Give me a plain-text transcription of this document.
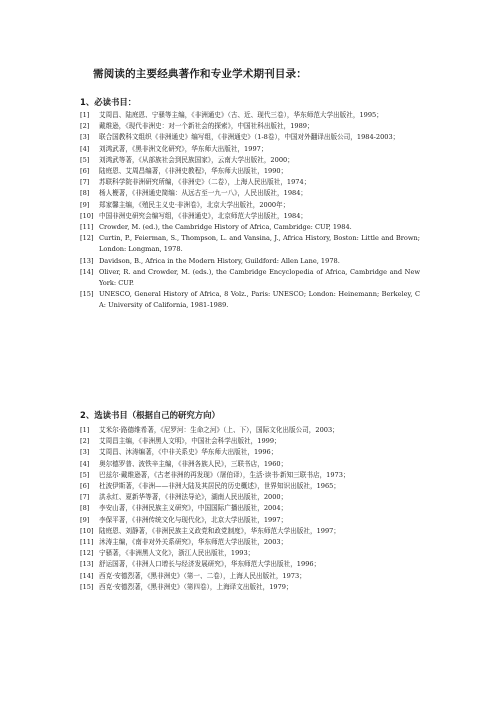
需阅读的主要经典著作和专业学术期刊目录：
1、必读书目：
[1] 艾周昌、陆庭恩、宁骚等主编，《非洲通史》（古、近、现代三卷），华东师范大学出版社，1995；
[2] 戴维逊，《现代非洲史：对一个新社会的探索》，中国社科出版社，1989；
[3] 联合国教科文组织《非洲通史》编写组，《非洲通史》（1-8卷），中国对外翻译出版公司，1984-2003；
[4] 刘鸿武著，《黑非洲文化研究》，华东师大出版社，1997；
[5] 刘鸿武等著，《从部族社会到民族国家》，云南大学出版社，2000；
[6] 陆庭恩、艾周昌编著，《非洲史教程》，华东师大出版社，1990；
[7] 苏联科学院非洲研究所编，《非洲史》（二卷），上海人民出版社，1974；
[8] 杨人楩著，《非洲通史简编：从远古至一九一八》，人民出版社，1984；
[9] 郑家馨主编，《殖民主义史·非洲卷》，北京大学出版社，2000年；
[10] 中国非洲史研究会编写组，《非洲通史》，北京师范大学出版社，1984；
[11] Crowder, M. (ed.), the Cambridge History of Africa, Cambridge: CUP, 1984.
[12] Curtin, P., Feierman, S., Thompson, L. and Vansina, J., Africa History, Boston: Little and Brown; London: Longman, 1978.
[13] Davidson, B., Africa in the Modern History, Guildford: Allen Lane, 1978.
[14] Oliver, R. and Crowder, M. (eds.), the Cambridge Encyclopedia of Africa, Cambridge and New York: CUP.
[15] UNESCO, General History of Africa, 8 Volz., Paris: UNESCO; London: Heinemann; Berkeley, C A: University of California, 1981-1989.
2、选读书目（根据自己的研究方向）
[1] 艾米尔·路德维希著，《尼罗河：生命之河》（上、下），国际文化出版公司，2003；
[2] 艾周昌主编，《非洲黑人文明》，中国社会科学出版社，1999；
[3] 艾周昌、沐涛编著，《中非关系史》华东师大出版社，1996；
[4] 奥尔德罗普、波铁辛主编，《非洲各族人民》，三联书店，1960；
[5] 巴兹尔·戴维逊著，《古老非洲的再发现》（屠伯译），生活·读书·新知三联书店，1973；
[6] 杜波伊斯著，《非洲——非洲大陆及其居民的历史概述》，世界知识出版社，1965；
[7] 洪永红、夏新华等著，《非洲法导论》，湖南人民出版社，2000；
[8] 李安山著，《非洲民族主义研究》，中国国际广播出版社，2004；
[9] 李保平著，《非洲传统文化与现代化》，北京大学出版社，1997；
[10] 陆庭恩、刘静著，《非洲民族主义政党和政党制度》，华东师范大学出版社，1997；
[11] 沐涛主编，《南非对外关系研究》，华东师范大学出版社，2003；
[12] 宁骚著，《非洲黑人文化》，浙江人民出版社，1993；
[13] 舒运国著，《非洲人口增长与经济发展研究》，华东师范大学出版社，1996；
[14] 西克·安德烈著，《黑非洲史》（第一、二卷），上海人民出版社，1973；
[15] 西克·安德烈著，《黑非洲史》（第四卷），上海译文出版社，1979；
